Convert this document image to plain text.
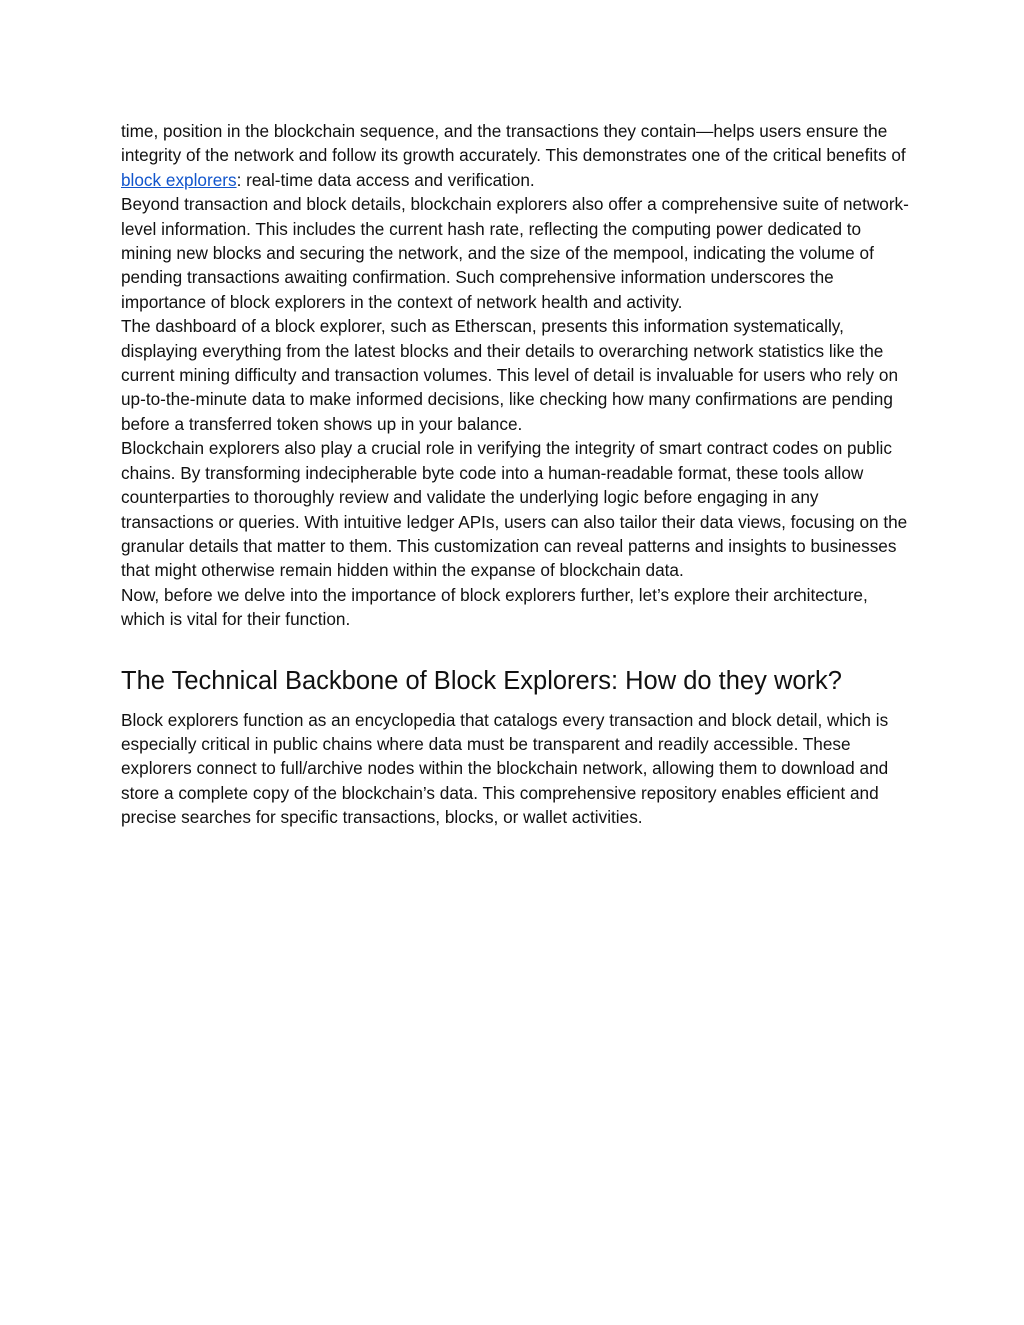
time, position in the blockchain sequence, and the transactions they contain—helps users ensure the integrity of the network and follow its growth accurately. This demonstrates one of the critical benefits of block explorers: real-time data access and verification.

Beyond transaction and block details, blockchain explorers also offer a comprehensive suite of network-level information. This includes the current hash rate, reflecting the computing power dedicated to mining new blocks and securing the network, and the size of the mempool, indicating the volume of pending transactions awaiting confirmation. Such comprehensive information underscores the importance of block explorers in the context of network health and activity.

The dashboard of a block explorer, such as Etherscan, presents this information systematically, displaying everything from the latest blocks and their details to overarching network statistics like the current mining difficulty and transaction volumes. This level of detail is invaluable for users who rely on up-to-the-minute data to make informed decisions, like checking how many confirmations are pending before a transferred token shows up in your balance.

Blockchain explorers also play a crucial role in verifying the integrity of smart contract codes on public chains. By transforming indecipherable byte code into a human-readable format, these tools allow counterparties to thoroughly review and validate the underlying logic before engaging in any transactions or queries. With intuitive ledger APIs, users can also tailor their data views, focusing on the granular details that matter to them. This customization can reveal patterns and insights to businesses that might otherwise remain hidden within the expanse of blockchain data.

Now, before we delve into the importance of block explorers further, let’s explore their architecture, which is vital for their function.

The Technical Backbone of Block Explorers: How do they work?

Block explorers function as an encyclopedia that catalogs every transaction and block detail, which is especially critical in public chains where data must be transparent and readily accessible. These explorers connect to full/archive nodes within the blockchain network, allowing them to download and store a complete copy of the blockchain’s data. This comprehensive repository enables efficient and precise searches for specific transactions, blocks, or wallet activities.
